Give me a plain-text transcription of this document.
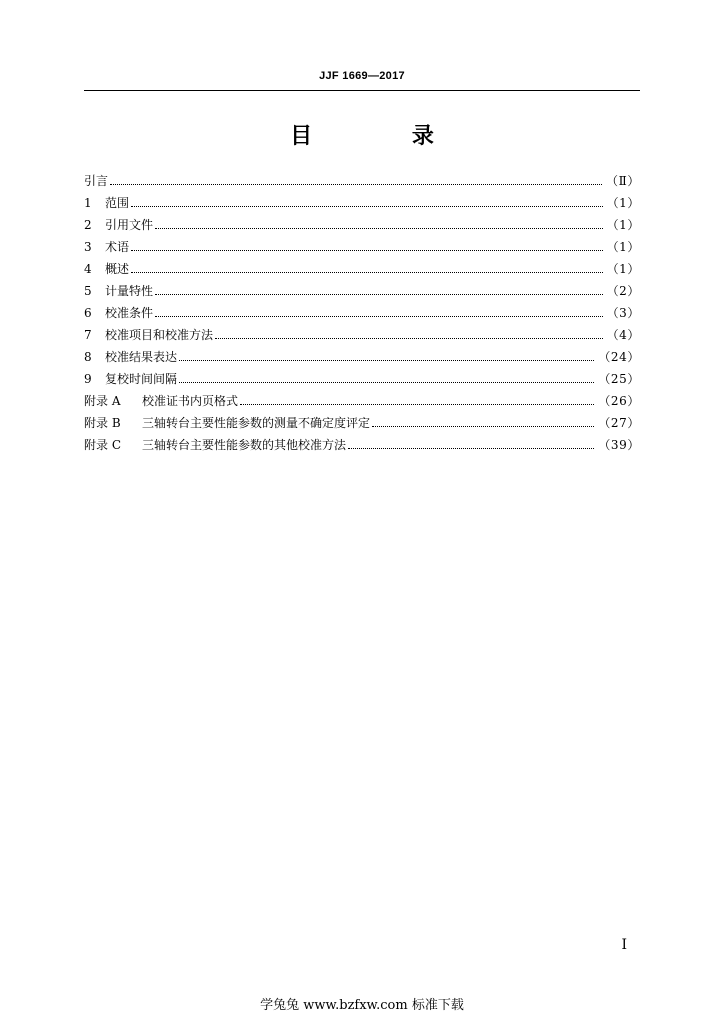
JJF 1669—2017
目 录
引言	（Ⅱ）
1 范围	（1）
2 引用文件	（1）
3 术语	（1）
4 概述	（1）
5 计量特性	（2）
6 校准条件	（3）
7 校准项目和校准方法	（4）
8 校准结果表达	（24）
9 复校时间间隔	（25）
附录 A 校准证书内页格式	（26）
附录 B 三轴转台主要性能参数的测量不确定度评定	（27）
附录 C 三轴转台主要性能参数的其他校准方法	（39）
I
学兔兔 www.bzfxw.com 标准下载
